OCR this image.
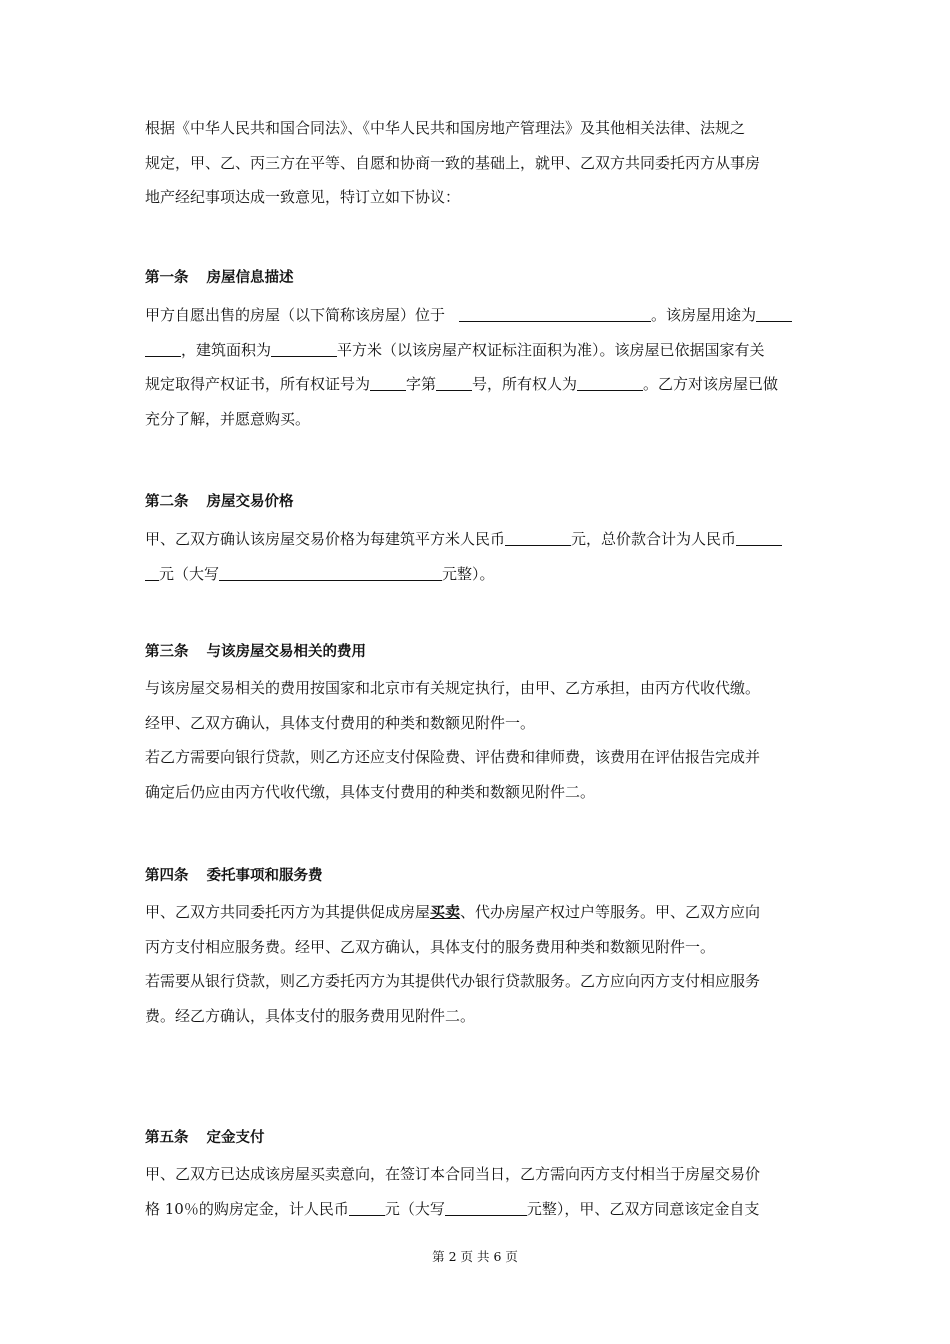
根据《中华人民共和国合同法》、《中华人民共和国房地产管理法》及其他相关法律、法规之
规定，甲、乙、丙三方在平等、自愿和协商一致的基础上，就甲、乙双方共同委托丙方从事房
地产经纪事项达成一致意见，特订立如下协议：

第一条 房屋信息描述

甲方自愿出售的房屋（以下简称该房屋）位于	。该房屋用途为
，建筑面积为	平方米（以该房屋产权证标注面积为准）。该房屋已依据国家有关
规定取得产权证书，所有权证号为 字第 号，所有权人为	。乙方对该房屋已做
充分了解，并愿意购买。

第二条 房屋交易价格

甲、乙双方确认该房屋交易价格为每建筑平方米人民币	元，总价款合计为人民币
元（大写	元整）。

第三条 与该房屋交易相关的费用

与该房屋交易相关的费用按国家和北京市有关规定执行，由甲、乙方承担，由丙方代收代缴。
经甲、乙双方确认，具体支付费用的种类和数额见附件一。
若乙方需要向银行贷款，则乙方还应支付保险费、评估费和律师费，该费用在评估报告完成并
确定后仍应由丙方代收代缴，具体支付费用的种类和数额见附件二。

第四条 委托事项和服务费

甲、乙双方共同委托丙方为其提供促成房屋买卖、代办房屋产权过户等服务。甲、乙双方应向
丙方支付相应服务费。经甲、乙双方确认，具体支付的服务费用种类和数额见附件一。
若需要从银行贷款，则乙方委托丙方为其提供代办银行贷款服务。乙方应向丙方支付相应服务
费。经乙方确认，具体支付的服务费用见附件二。

第五条 定金支付

甲、乙双方已达成该房屋买卖意向，在签订本合同当日，乙方需向丙方支付相当于房屋交易价
格 10％的购房定金，计人民币 元（大写	元整），甲、乙双方同意该定金自支

第 2 页 共 6 页
